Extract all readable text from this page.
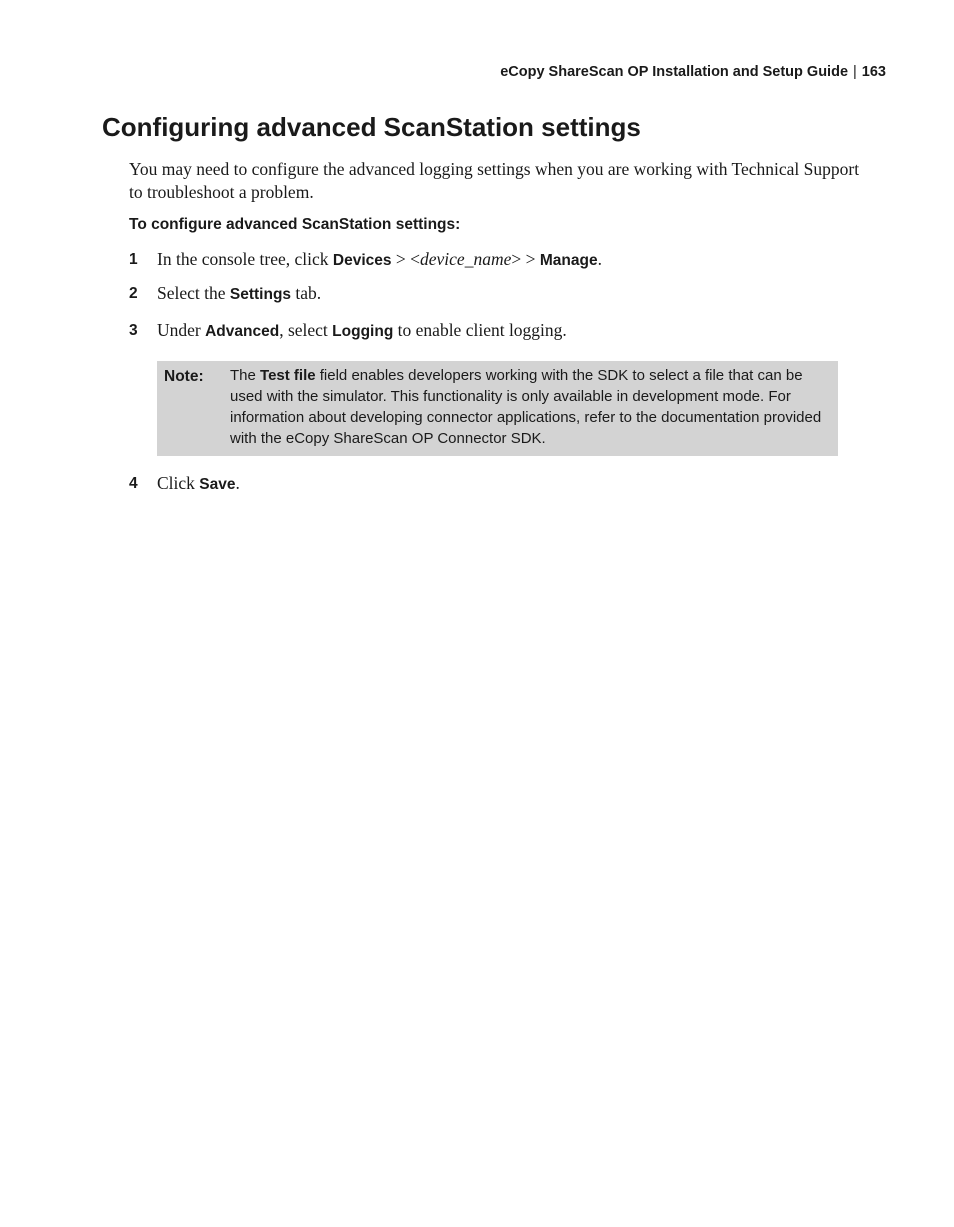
eCopy ShareScan OP Installation and Setup Guide | 163
Configuring advanced ScanStation settings

You may need to configure the advanced logging settings when you are working with Technical Support to troubleshoot a problem.

To configure advanced ScanStation settings:

1 In the console tree, click Devices > <device_name> > Manage.
2 Select the Settings tab.
3 Under Advanced, select Logging to enable client logging.
Note: The Test file field enables developers working with the SDK to select a file that can be used with the simulator. This functionality is only available in development mode. For information about developing connector applications, refer to the documentation provided with the eCopy ShareScan OP Connector SDK.
4 Click Save.
